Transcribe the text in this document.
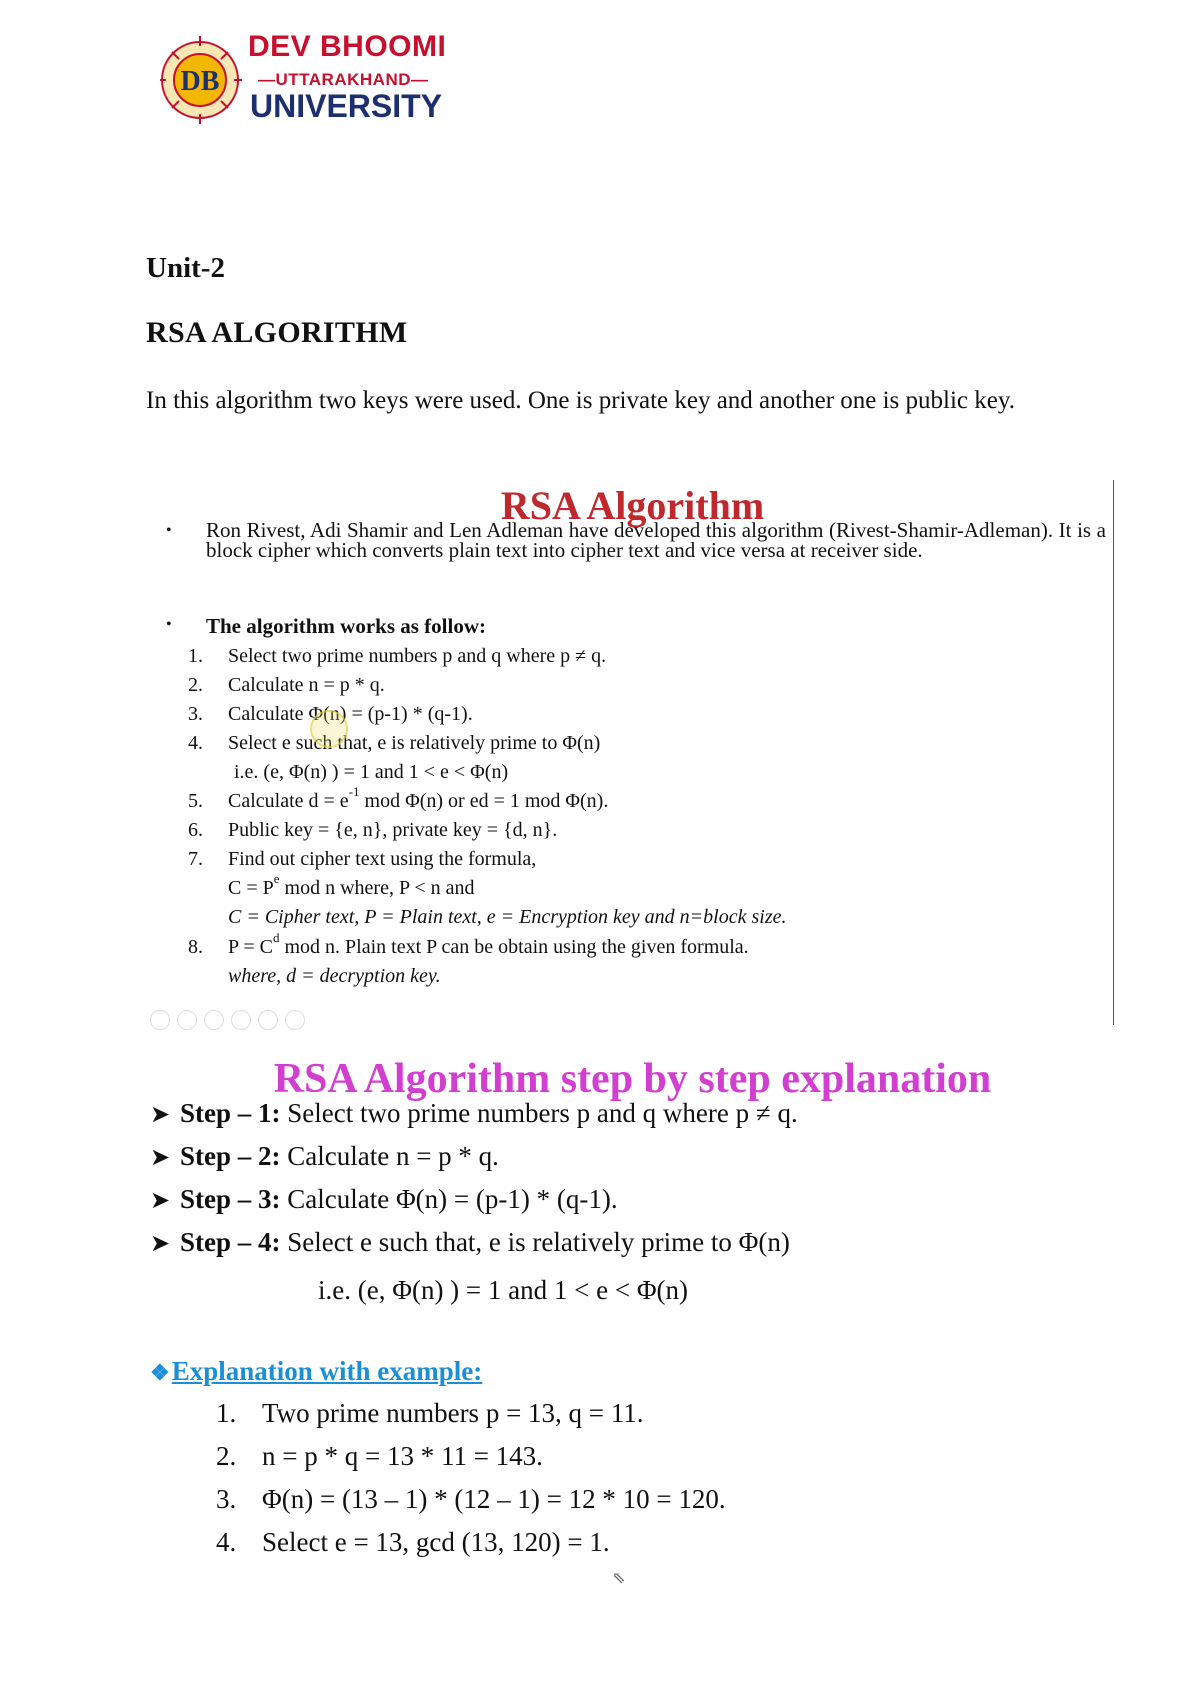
DB
DEV BHOOMI
—UTTARAKHAND—
UNIVERSITY
Unit-2
RSA ALGORITHM
In this algorithm two keys were used. One is private key and another one is public key.
RSA Algorithm
• Ron Rivest, Adi Shamir and Len Adleman have developed this algorithm (Rivest-Shamir-Adleman). It is a block cipher which converts plain text into cipher text and vice versa at receiver side.
• The algorithm works as follow:
1. Select two prime numbers p and q where p ≠ q.
2. Calculate n = p * q.
3. Calculate Φ(n) = (p-1) * (q-1).
4. Select e such that, e is relatively prime to Φ(n)
i.e. (e, Φ(n) ) = 1 and 1 < e < Φ(n)
5. Calculate $d = e^{-1}$ mod Φ(n) or ed = 1 mod Φ(n).
6. Public key = {e, n}, private key = {d, n}.
7. Find out cipher text using the formula,
$C = P^e$ mod n where, P < n and
C = Cipher text, P = Plain text, e = Encryption key and n=block size.
8. $P = C^d$ mod n. Plain text P can be obtain using the given formula.
where, d = decryption key.
RSA Algorithm step by step explanation
➤ Step – 1: Select two prime numbers p and q where p ≠ q.
➤ Step – 2: Calculate n = p * q.
➤ Step – 3: Calculate Φ(n) = (p-1) * (q-1).
➤ Step – 4: Select e such that, e is relatively prime to Φ(n)
i.e. (e, Φ(n) ) = 1 and 1 < e < Φ(n)
❖Explanation with example:
1. Two prime numbers p = 13, q = 11.
2. n = p * q = 13 * 11 = 143.
3. Φ(n) = (13 – 1) * (12 – 1) = 12 * 10 = 120.
4. Select e = 13, gcd (13, 120) = 1.
⇖
